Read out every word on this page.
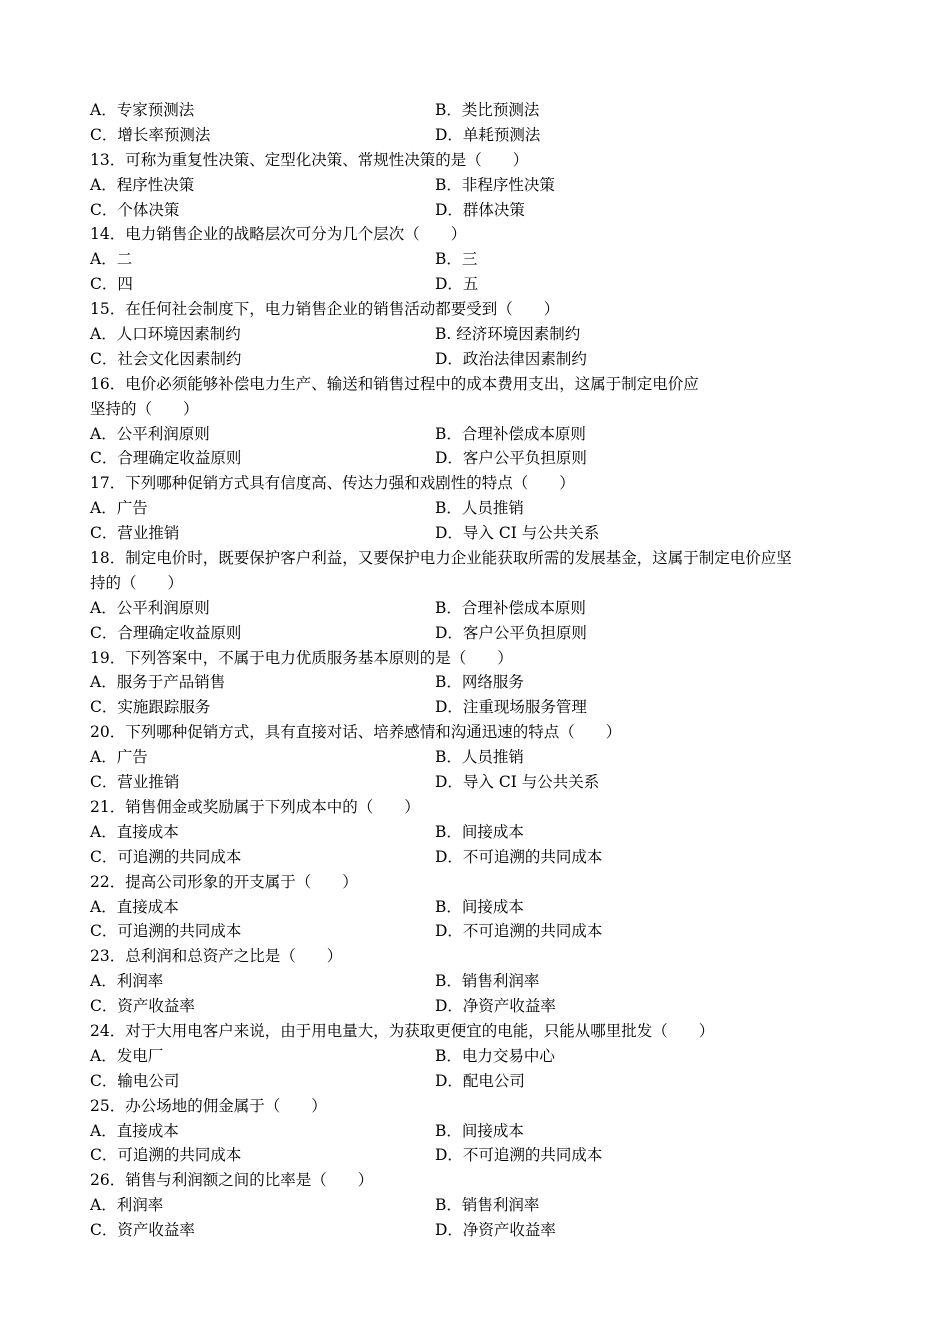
A．专家预测法	B．类比预测法
C．增长率预测法	D．单耗预测法
13．可称为重复性决策、定型化决策、常规性决策的是（　　）
A．程序性决策	B．非程序性决策
C．个体决策	D．群体决策
14．电力销售企业的战略层次可分为几个层次（　　）
A．二	B．三
C．四	D．五
15．在任何社会制度下，电力销售企业的销售活动都要受到（　　）
A．人口环境因素制约	B. 经济环境因素制约
C．社会文化因素制约	D．政治法律因素制约
16．电价必须能够补偿电力生产、输送和销售过程中的成本费用支出，这属于制定电价应
坚持的（　　）
A．公平利润原则	B．合理补偿成本原则
C．合理确定收益原则	D．客户公平负担原则
17．下列哪种促销方式具有信度高、传达力强和戏剧性的特点（　　）
A．广告	B．人员推销
C．营业推销	D．导入 CI 与公共关系
18．制定电价时，既要保护客户利益，又要保护电力企业能获取所需的发展基金，这属于制定电价应坚
持的（　　）
A．公平利润原则	B．合理补偿成本原则
C．合理确定收益原则	D．客户公平负担原则
19．下列答案中，不属于电力优质服务基本原则的是（　　）
A．服务于产品销售	B．网络服务
C．实施跟踪服务	D．注重现场服务管理
20．下列哪种促销方式，具有直接对话、培养感情和沟通迅速的特点（　　）
A．广告	B．人员推销
C．营业推销	D．导入 CI 与公共关系
21．销售佣金或奖励属于下列成本中的（　　）
A．直接成本	B．间接成本
C．可追溯的共同成本	D．不可追溯的共同成本
22．提高公司形象的开支属于（　　）
A．直接成本	B．间接成本
C．可追溯的共同成本	D．不可追溯的共同成本
23．总利润和总资产之比是（　　）
A．利润率	B．销售利润率
C．资产收益率	D．净资产收益率
24．对于大用电客户来说，由于用电量大，为获取更便宜的电能，只能从哪里批发（　　）
A．发电厂	B．电力交易中心
C．输电公司	D．配电公司
25．办公场地的佣金属于（　　）
A．直接成本	B．间接成本
C．可追溯的共同成本	D．不可追溯的共同成本
26．销售与利润额之间的比率是（　　）
A．利润率	B．销售利润率
C．资产收益率	D．净资产收益率
